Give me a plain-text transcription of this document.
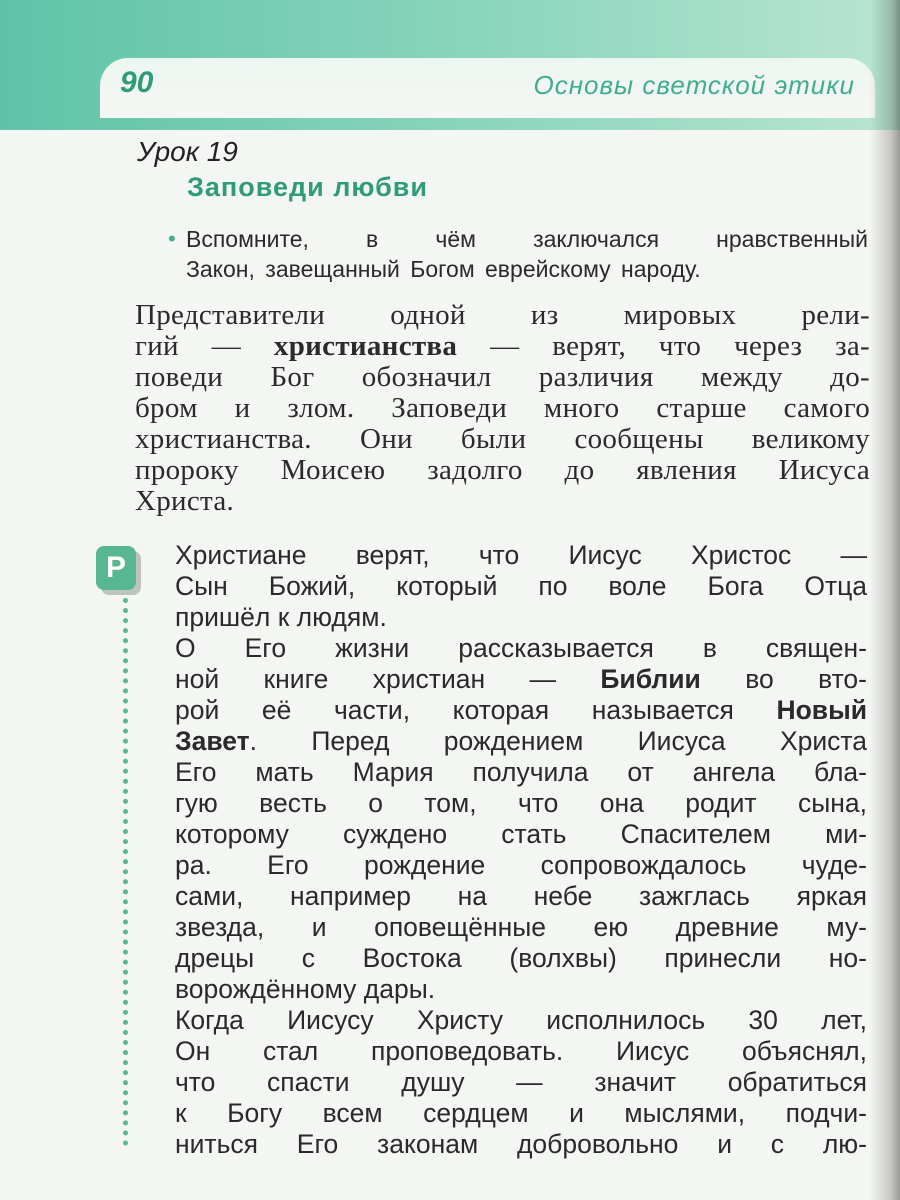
90	Основы светской этики
Урок 19
Заповеди любви
• Вспомните, в чём заключался нравственный

Закон, завещанный Богом еврейскому народу.

Представители одной из мировых рели-
гий — христианства — верят, что через за-
поведи Бог обозначил различия между до-
бром и злом. Заповеди много старше самого
христианства. Они были сообщены великому
пророку Моисею задолго до явления Иисуса
Христа.
Р	Христиане верят, что Иисус Христос —
Сын Божий, который по воле Бога Отца
пришёл к людям.
О Его жизни рассказывается в священ-
ной книге христиан — Библии во вто-
рой её части, которая называется Новый
Завет. Перед рождением Иисуса Христа
Его мать Мария получила от ангела бла-
гую весть о том, что она родит сына,
которому суждено стать Спасителем ми-
ра. Его рождение сопровождалось чуде-
сами, например на небе зажглась яркая
звезда, и оповещённые ею древние му-
дрецы с Востока (волхвы) принесли но-
ворождённому дары.
Когда Иисусу Христу исполнилось 30 лет,
Он стал проповедовать. Иисус объяснял,
что спасти душу — значит обратиться
к Богу всем сердцем и мыслями, подчи-
ниться Его законам добровольно и с лю-
